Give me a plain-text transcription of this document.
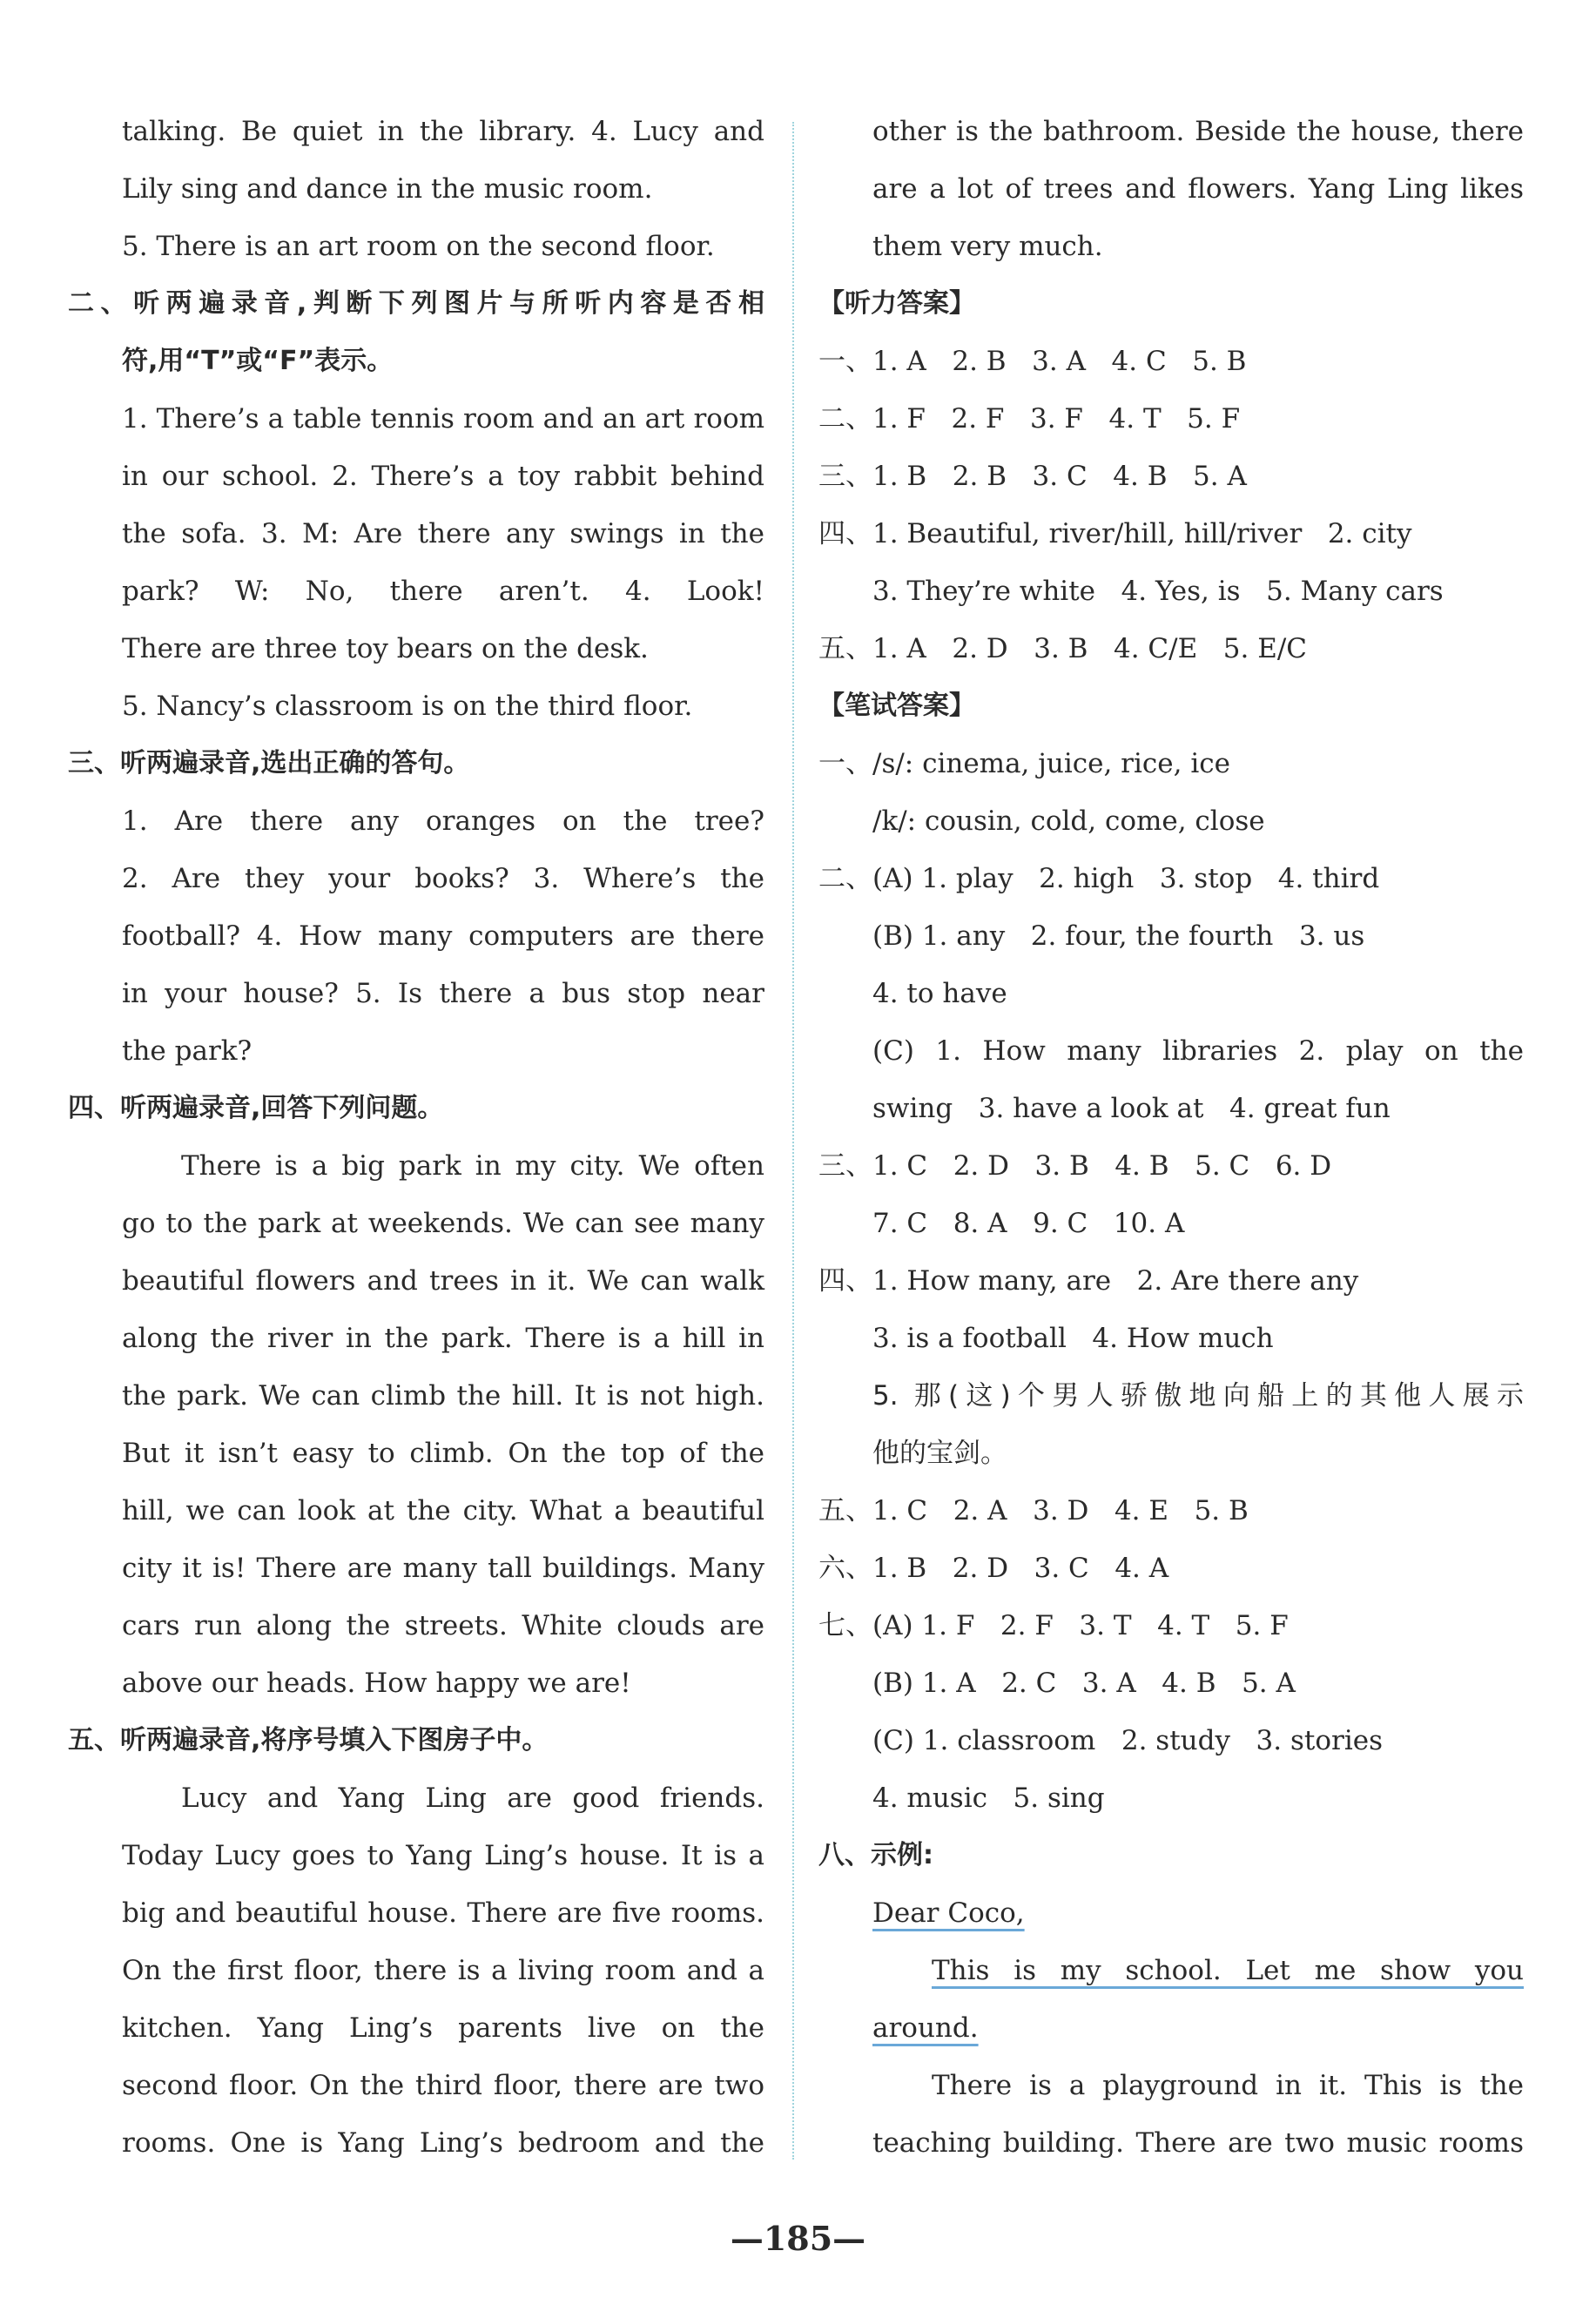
talking. Be quiet in the library. 4. Lucy and
Lily sing and dance in the music room.
5. There is an art room on the second floor.
二、听两遍录音,判断下列图片与所听内容是否相
符,用“T”或“F”表示。
1. There’s a table tennis room and an art room
in our school. 2. There’s a toy rabbit behind
the sofa. 3. M: Are there any swings in the
park? W: No, there aren’t. 4. Look!
There are three toy bears on the desk.
5. Nancy’s classroom is on the third floor.
三、听两遍录音,选出正确的答句。
1. Are there any oranges on the tree?
2. Are they your books? 3. Where’s the
football? 4. How many computers are there
in your house? 5. Is there a bus stop near
the park?
四、听两遍录音,回答下列问题。
There is a big park in my city. We often
go to the park at weekends. We can see many
beautiful flowers and trees in it. We can walk
along the river in the park. There is a hill in
the park. We can climb the hill. It is not high.
But it isn’t easy to climb. On the top of the
hill, we can look at the city. What a beautiful
city it is! There are many tall buildings. Many
cars run along the streets. White clouds are
above our heads. How happy we are!
五、听两遍录音,将序号填入下图房子中。
Lucy and Yang Ling are good friends.
Today Lucy goes to Yang Ling’s house. It is a
big and beautiful house. There are five rooms.
On the first floor, there is a living room and a
kitchen. Yang Ling’s parents live on the
second floor. On the third floor, there are two
rooms. One is Yang Ling’s bedroom and the
other is the bathroom. Beside the house, there
are a lot of trees and flowers. Yang Ling likes
them very much.
【听力答案】
一、1. A   2. B   3. A   4. C   5. B
二、1. F   2. F   3. F   4. T   5. F
三、1. B   2. B   3. C   4. B   5. A
四、1. Beautiful, river/hill, hill/river   2. city
3. They’re white   4. Yes, is   5. Many cars
五、1. A   2. D   3. B   4. C/E   5. E/C
【笔试答案】
一、/s/: cinema, juice, rice, ice
/k/: cousin, cold, come, close
二、(A) 1. play   2. high   3. stop   4. third
(B) 1. any   2. four, the fourth   3. us
4. to have
(C) 1. How many libraries 2. play on the
swing   3. have a look at   4. great fun
三、1. C   2. D   3. B   4. B   5. C   6. D
7. C   8. A   9. C   10. A
四、1. How many, are   2. Are there any
3. is a football   4. How much
5. 那(这)个男人骄傲地向船上的其他人展示
他的宝剑。
五、1. C   2. A   3. D   4. E   5. B
六、1. B   2. D   3. C   4. A
七、(A) 1. F   2. F   3. T   4. T   5. F
(B) 1. A   2. C   3. A   4. B   5. A
(C) 1. classroom   2. study   3. stories
4. music   5. sing
八、示例:
Dear Coco,
This is my school. Let me show you
around.
There is a playground in it. This is the
teaching building. There are two music rooms
—185—
